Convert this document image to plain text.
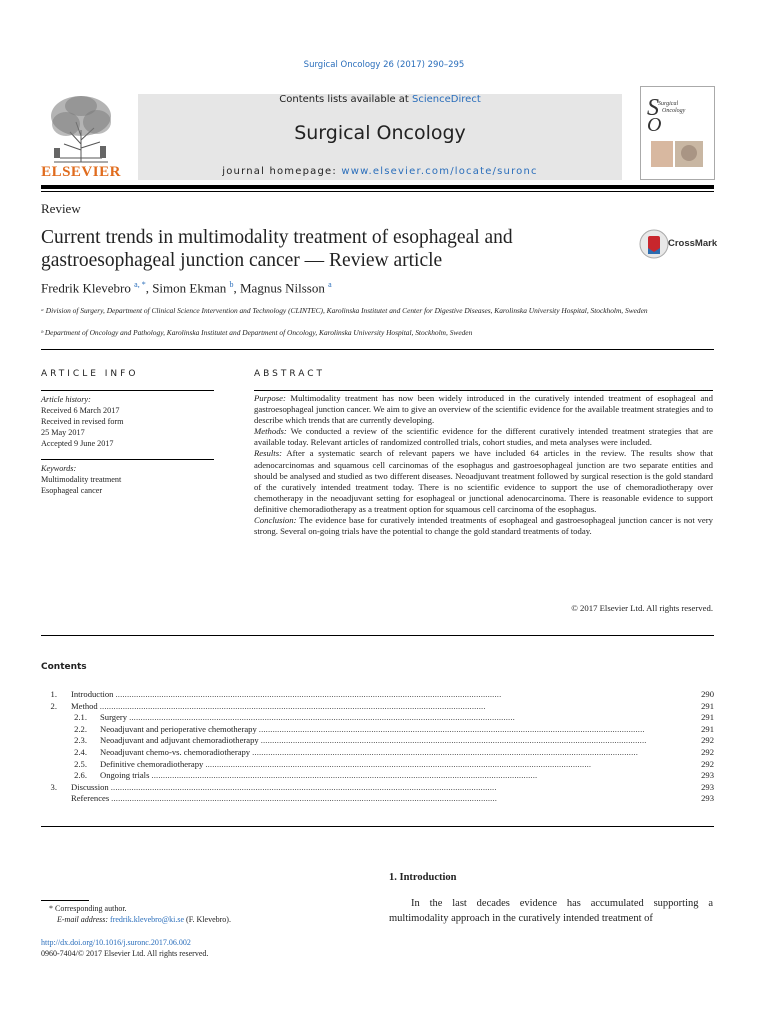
Surgical Oncology 26 (2017) 290–295
ELSEVIER
Contents lists available at ScienceDirect
Surgical Oncology
journal homepage: www.elsevier.com/locate/suronc
S
O
Surgical
Oncology
Review
Current trends in multimodality treatment of esophageal and gastroesophageal junction cancer — Review article
CrossMark
Fredrik Klevebro $^{a, *}$, Simon Ekman $^b$, Magnus Nilsson $^a$
ᵃ Division of Surgery, Department of Clinical Science Intervention and Technology (CLINTEC), Karolinska Institutet and Center for Digestive Diseases, Karolinska University Hospital, Stockholm, Sweden
ᵇ Department of Oncology and Pathology, Karolinska Institutet and Department of Oncology, Karolinska University Hospital, Stockholm, Sweden
ARTICLE INFO	ABSTRACT
Article history:
Received 6 March 2017
Received in revised form
25 May 2017
Accepted 9 June 2017
Keywords:
Multimodality treatment
Esophageal cancer
Purpose: Multimodality treatment has now been widely introduced in the curatively intended treatment of esophageal and gastroesophageal junction cancer. We aim to give an overview of the scientific evidence for the available treatment strategies and to describe which trends that are currently developing.
Methods: We conducted a review of the scientific evidence for the different curatively intended treatment strategies that are available today. Relevant articles of randomized controlled trials, cohort studies, and meta analyses were included.
Results: After a systematic search of relevant papers we have included 64 articles in the review. The results show that adenocarcinomas and squamous cell carcinomas of the esophagus and gastroesophageal junction are two separate entities and should be analysed and studied as two different diseases. Neoadjuvant treatment followed by surgical resection is the gold standard of the curatively intended treatment today. There is no scientific evidence to support the use of chemoradiotherapy over chemotherapy in the neoadjuvant setting for esophageal or junctional adenocarcinoma. There is reasonable evidence to support definitive chemoradiotherapy as a treatment option for squamous cell carcinoma of the esophagus.
Conclusion: The evidence base for curatively intended treatments of esophageal and gastroesophageal junction cancer is not very strong. Several on-going trials have the potential to change the gold standard treatments of today.
© 2017 Elsevier Ltd. All rights reserved.
Contents
1. Introduction . . .	290
2. Method . . .	291
2.1. Surgery . . .	291
2.2. Neoadjuvant and perioperative chemotherapy . . .	291
2.3. Neoadjuvant and adjuvant chemoradiotherapy . . .	292
2.4. Neoadjuvant chemo-vs. chemoradiotherapy . . .	292
2.5. Definitive chemoradiotherapy . . .	292
2.6. Ongoing trials . . .	293
3. Discussion . . .	293
References . . .	293
1. Introduction
In the last decades evidence has accumulated supporting a multimodality approach in the curatively intended treatment of
* Corresponding author.
E-mail address: fredrik.klevebro@ki.se (F. Klevebro).
http://dx.doi.org/10.1016/j.suronc.2017.06.002
0960-7404/© 2017 Elsevier Ltd. All rights reserved.
